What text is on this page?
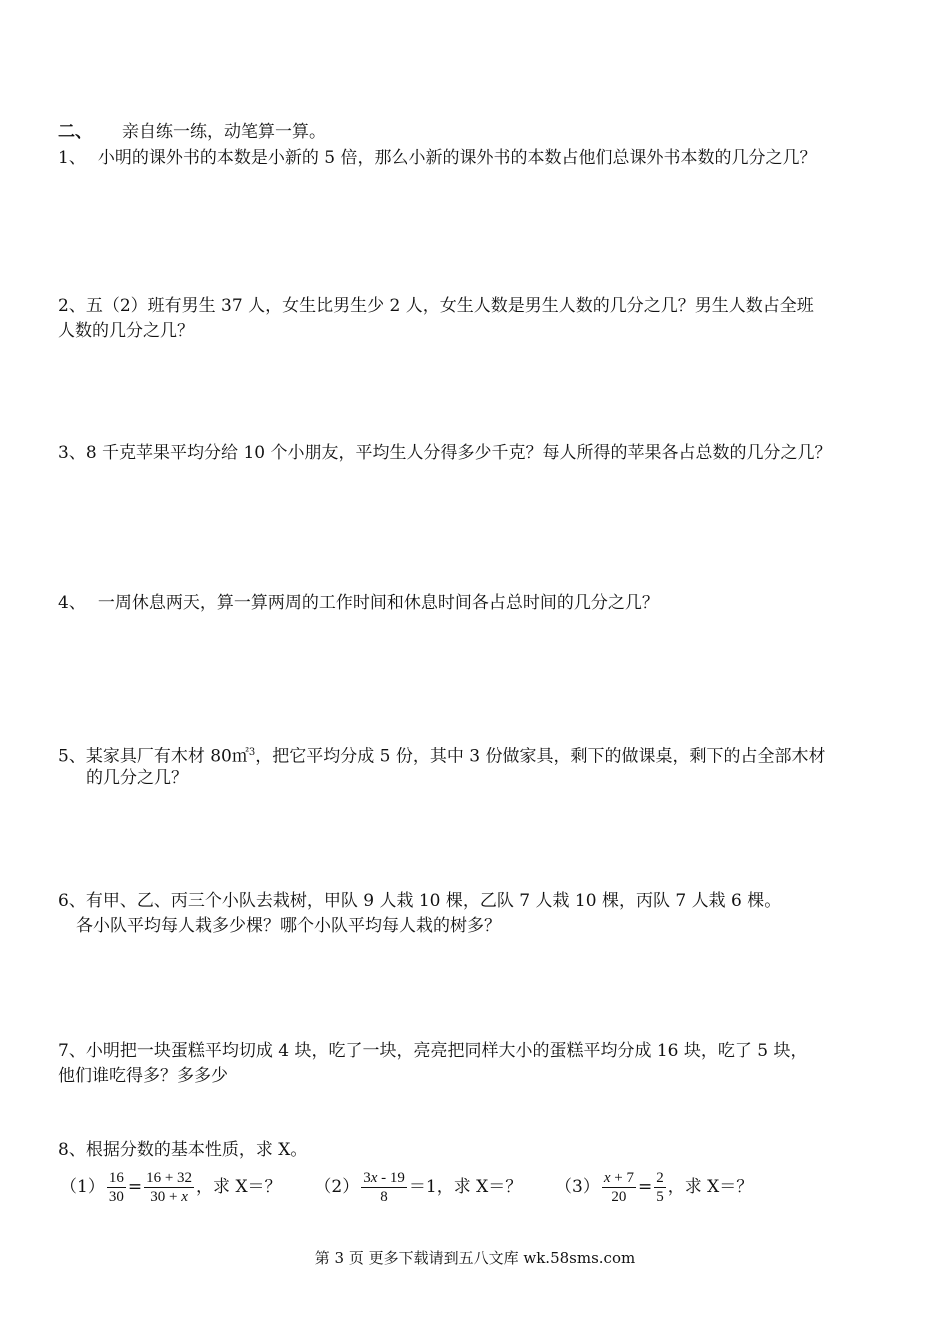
二、 亲自练一练，动笔算一算。
1、 小明的课外书的本数是小新的 5 倍，那么小新的课外书的本数占他们总课外书本数的几分之几？
2、五（2）班有男生 37 人，女生比男生少 2 人，女生人数是男生人数的几分之几？男生人数占全班
人数的几分之几？
3、8 千克苹果平均分给 10 个小朋友，平均生人分得多少千克？每人所得的苹果各占总数的几分之几？
4、 一周休息两天，算一算两周的工作时间和休息时间各占总时间的几分之几？
5、某家具厂有木材 80㎡$^3$，把它平均分成 5 份，其中 3 份做家具，剩下的做课桌，剩下的占全部木材
的几分之几？
6、有甲、乙、丙三个小队去栽树，甲队 9 人栽 10 棵，乙队 7 人栽 10 棵，丙队 7 人栽 6 棵。
各小队平均每人栽多少棵？哪个小队平均每人栽的树多？
7、小明把一块蛋糕平均切成 4 块，吃了一块，亮亮把同样大小的蛋糕平均分成 16 块，吃了 5 块，
他们谁吃得多？多多少
8、根据分数的基本性质，求 X。
$(1) \frac{16}{30} = \frac{16 + 32}{30 + x}$ ，求 X＝？ $(2) \frac{3x - 19}{8} =1$，求 X＝？ $(3) \frac{x + 7}{20} = \frac{2}{5}$ ，求 X＝？
第 3 页 更多下载请到五八文库 wk.58sms.com
